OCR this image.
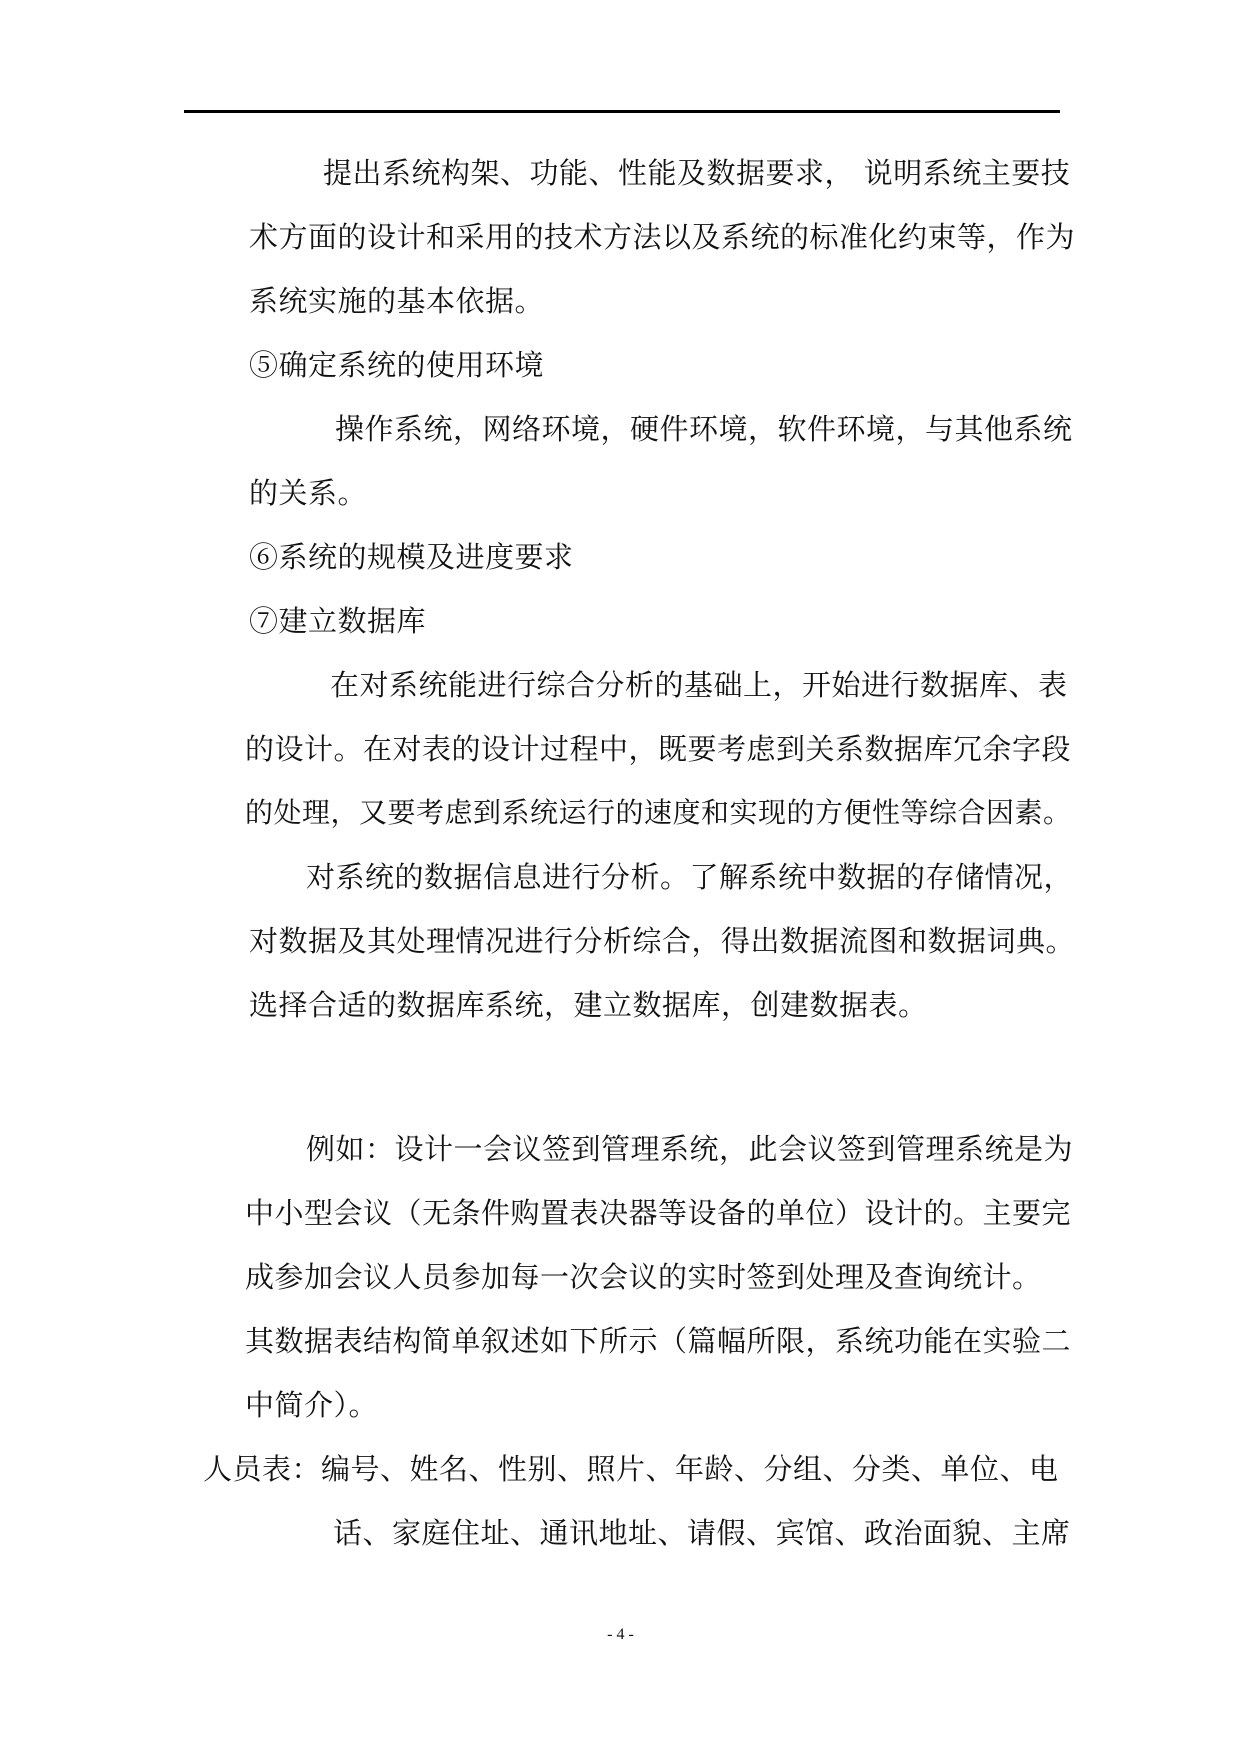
提出系统构架、功能、性能及数据要求， 说明系统主要技
术方面的设计和采用的技术方法以及系统的标准化约束等，作为
系统实施的基本依据。
⑤确定系统的使用环境
操作系统，网络环境，硬件环境，软件环境，与其他系统
的关系。
⑥系统的规模及进度要求
⑦建立数据库
在对系统能进行综合分析的基础上，开始进行数据库、表
的设计。在对表的设计过程中，既要考虑到关系数据库冗余字段
的处理，又要考虑到系统运行的速度和实现的方便性等综合因素。
对系统的数据信息进行分析。了解系统中数据的存储情况，
对数据及其处理情况进行分析综合，得出数据流图和数据词典。
选择合适的数据库系统，建立数据库，创建数据表。
例如：设计一会议签到管理系统，此会议签到管理系统是为
中小型会议（无条件购置表决器等设备的单位）设计的。主要完
成参加会议人员参加每一次会议的实时签到处理及查询统计。
其数据表结构简单叙述如下所示（篇幅所限，系统功能在实验二
中简介）。
人员表：编号、姓名、性别、照片、年龄、分组、分类、单位、电
话、家庭住址、通讯地址、请假、宾馆、政治面貌、主席
- 4 -
